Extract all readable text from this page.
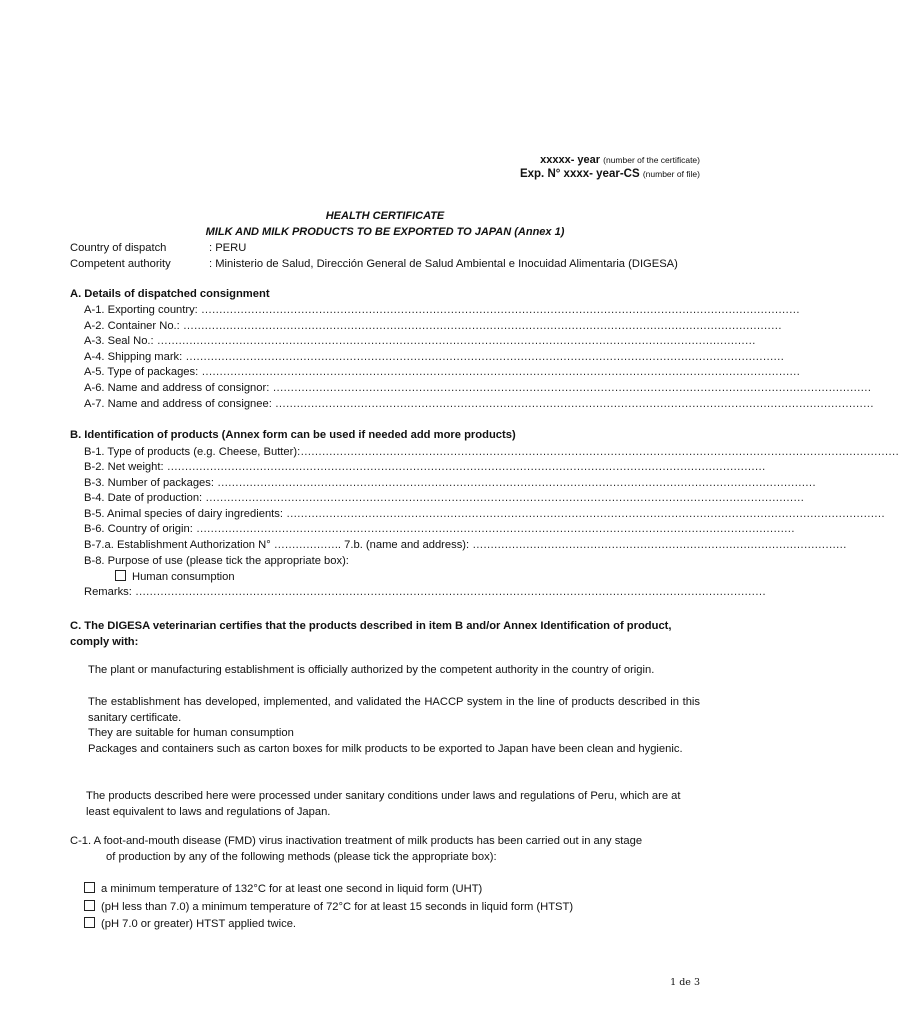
xxxxx- year (number of the certificate)
Exp. N° xxxx- year-CS (number of file)
HEALTH CERTIFICATE
MILK AND MILK PRODUCTS TO BE EXPORTED TO JAPAN (Annex 1)
Country of dispatch	: PERU
Competent authority	: Ministerio de Salud, Dirección General de Salud Ambiental e Inocuidad Alimentaria (DIGESA)
A. Details of dispatched consignment
A-1. Exporting country: ……………………………………………………………………………………………………………………………………………………
A-2. Container No.: ……………………………………………………………………………………………………………………………………………………
A-3. Seal No.: ……………………………………………………………………………………………………………………………………………………
A-4. Shipping mark: ……………………………………………………………………………………………………………………………………………………
A-5. Type of packages: ……………………………………………………………………………………………………………………………………………………
A-6. Name and address of consignor: ……………………………………………………………………………………………………………………………………………………
A-7. Name and address of consignee: ……………………………………………………………………………………………………………………………………………………
B. Identification of products (Annex form can be used if needed add more products)
B-1. Type of products (e.g. Cheese, Butter):……………………………………………………………………………………………………………………………………………………
B-2. Net weight: ……………………………………………………………………………………………………………………………………………………
B-3. Number of packages: ……………………………………………………………………………………………………………………………………………………
B-4. Date of production: ……………………………………………………………………………………………………………………………………………………
B-5. Animal species of dairy ingredients: ……………………………………………………………………………………………………………………………………………………
B-6. Country of origin: ……………………………………………………………………………………………………………………………………………………
B-7.a. Establishment Authorization N° ………………. 7.b. (name and address): ……………………………………………………………………………………………
B-8. Purpose of use (please tick the appropriate box):
Human consumption
Remarks: ……………………………………………………………………………………………………………………………………………………………
C. The DIGESA veterinarian certifies that the products described in item B and/or Annex Identification of product, comply with:
The plant or manufacturing establishment is officially authorized by the competent authority in the country of origin.
The establishment has developed, implemented, and validated the HACCP system in the line of products described in this sanitary certificate.
They are suitable for human consumption
Packages and containers such as carton boxes for milk products to be exported to Japan have been clean and hygienic.
The products described here were processed under sanitary conditions under laws and regulations of Peru, which are at least equivalent to laws and regulations of Japan.
C-1. A foot-and-mouth disease (FMD) virus inactivation treatment of milk products has been carried out in any stage
of production by any of the following methods (please tick the appropriate box):
a minimum temperature of 132°C for at least one second in liquid form (UHT)
(pH less than 7.0) a minimum temperature of 72°C for at least 15 seconds in liquid form (HTST)
(pH 7.0 or greater) HTST applied twice.
1 de 3
